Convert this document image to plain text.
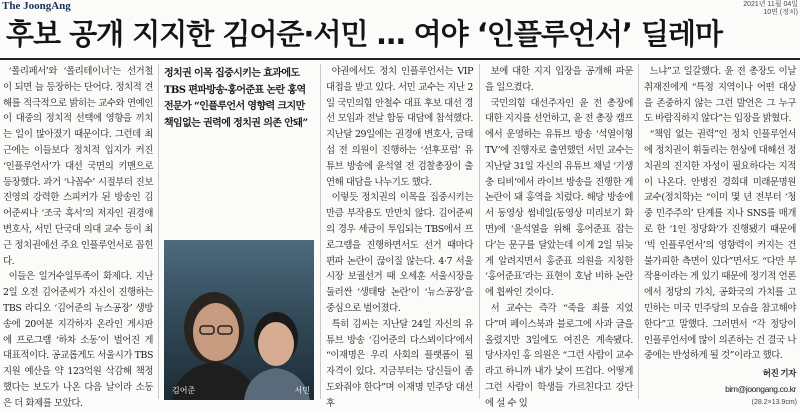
The JoongAng	2021년 11월 04일
10면 (정치)
후보 공개 지지한 김어준·서민 … 여야 ‘인플루언서’ 딜레마

‘폴리페서’와 ‘폴리테이너’는 선거철이 되면 늘 등장하는 단어다. 정치적 견해를 적극적으로 밝히는 교수와 연예인이 대중의 정치적 선택에 영향을 끼치는 일이 많아졌기 때문이다. 그런데 최근에는 이들보다 정치적 입지가 커진 ‘인플루언서’가 대선 국면의 키맨으로 등장했다. 과거 ‘나꼼수’ 시절부터 진보 진영의 강력한 스피커가 된 방송인 김어준씨나 ‘조국 흑서’의 저자인 권경애 변호사, 서민 단국대 의대 교수 등이 최근 정치권에선 주요 인플루언서로 꼽힌다.

이들은 일거수일투족이 화제다. 지난 2일 오전 김어준씨가 자신이 진행하는 TBS 라디오 ‘김어준의 뉴스공장’ 생방송에 20여분 지각하자 온라인 게시판에 프로그램 ‘하차 소동’이 벌어진 게 대표적이다. 공교롭게도 서울시가 TBS 지원 예산을 약 123억원 삭감해 책정했다는 보도가 나온 다음 날이라 소동은 더 화제를 모았다.

정치권 이목 집중시키는 효과에도
TBS 편파방송·홍어준표 논란 홍역
전문가 “인플루언서 영향력 크지만
책임없는 권력에 정치권 의존 안돼”
김어준	서민

야권에서도 정치 인플루언서는 VIP 대접을 받고 있다. 서민 교수는 지난 2일 국민의힘 안철수 대표 후보 대선 경선 모임과 전날 합동 대담에 참석했다. 지난달 29일에는 권경애 변호사, 금태섭 전 의원이 진행하는 ‘선후포럼’ 유튜브 방송에 윤석열 전 검찰총장이 출연해 대담을 나누기도 했다.

이렇듯 정치권의 이목을 집중시키는 만큼 부작용도 만만치 않다. 김어준씨의 경우 세금이 투입되는 TBS에서 프로그램을 진행하면서도 선거 때마다 편파 논란이 끊이질 않는다. 4·7 서울시장 보궐선거 때 오세훈 서울시장을 둘러싼 ‘생태탕 논란’이 ‘뉴스공장’을 중심으로 벌어졌다.

특히 김씨는 지난달 24일 자신의 유튜브 방송 ‘김어준의 다스뵈이다’에서 “이재명은 우리 사회의 플랫폼이 될 자격이 있다. 지금부터는 당신들이 좀 도와줘야 한다”며 이재명 민주당 대선 후

보에 대한 지지 입장을 공개해 파문을 일으켰다.

국민의힘 대선주자인 윤 전 총장에 대한 지지를 선언하고, 윤 전 총장 캠프에서 운영하는 유튜브 방송 ‘석열이형 TV’에 진행자로 출연했던 서민 교수는 지난달 31일 자신의 유튜브 채널 ‘기생충 티비’에서 라이브 방송을 진행한 게 논란이 돼 홍역을 치렀다. 해당 방송에서 동영상 썸네일(동영상 미리보기 화면)에 ‘윤석열을 위해 홍어준표 잡는다’는 문구를 달았는데 이게 2일 뒤늦게 알려지면서 홍준표 의원을 지칭한 ‘홍어준표’라는 표현이 호남 비하 논란에 휩싸인 것이다.

서 교수는 즉각 “죽을 죄를 지었다”며 페이스북과 블로그에 사과 글을 올렸지만 3일에도 여진은 계속됐다. 당사자인 홍 의원은 “그런 사람이 교수라고 하니까 내가 낯이 뜨겁다. 어떻게 그런 사람이 학생들 가르친다고 강단에 설 수 있

느냐”고 일갈했다. 윤 전 총장도 이날 취재진에게 “특정 지역이나 어떤 대상을 존중하지 않는 그런 발언은 그 누구도 바람직하지 않다”는 입장을 밝혔다.

“책임 없는 권력”인 정치 인플루언서에 정치권이 휘둘리는 현상에 대해선 정치권의 진지한 자성이 필요하다는 지적이 나온다. 안병진 경희대 미래문명원 교수(정치학)는 “이미 몇 년 전부터 ‘청중 민주주의’ 단계를 지나 SNS를 매개로 한 ‘1인 정당화’가 진행됐기 때문에 ‘빅 인플루언서’의 영향력이 커지는 건 불가피한 측면이 있다”면서도 “다만 부작용이라는 게 있기 때문에 정기적 언론에서 정당의 가치, 공화국의 가치를 고민하는 미국 민주당의 모습을 참고해야 한다”고 말했다. 그러면서 “각 정당이 인플루언서에 많이 의존하는 건 결국 나중에는 반성하게 될 것”이라고 했다.

허진 기자
bim@joongang.co.kr
(28.2×13.9cm)
